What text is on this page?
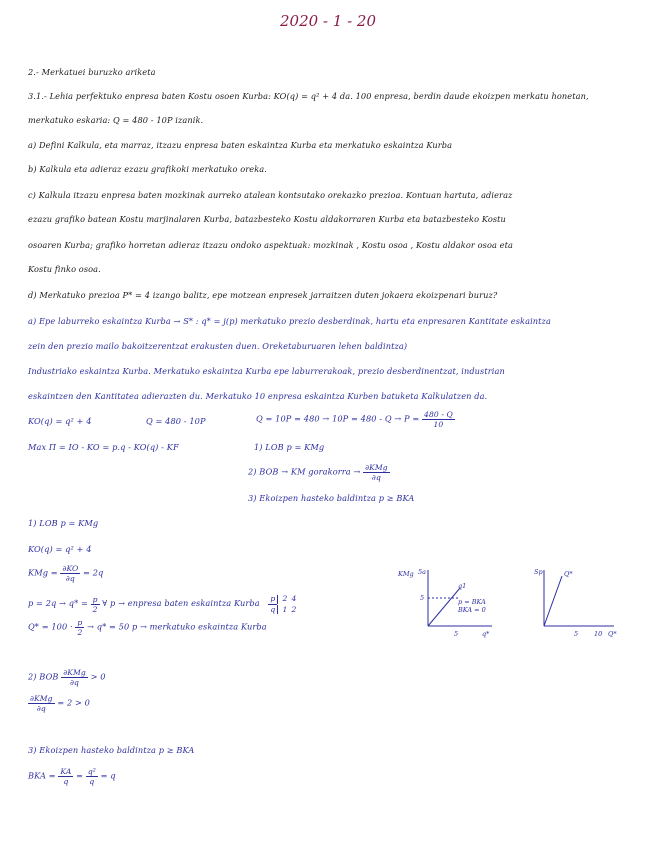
2020 - 1 - 20
2.- Merkatuei buruzko ariketa
3.1.- Lehia perfektuko enpresa baten Kostu osoen Kurba: KO(q) = q² + 4 da. 100 enpresa, berdin daude ekoizpen merkatu honetan,
merkatuko eskaria: Q = 480 - 10P izanik.
a) Defini Kalkula, eta marraz, itzazu enpresa baten eskaintza Kurba eta merkatuko eskaintza Kurba
b) Kalkula eta adieraz ezazu grafikoki merkatuko oreka.
c) Kalkula itzazu enpresa baten mozkinak aurreko atalean kontsutako orekazko prezioa. Kontuan hartuta, adieraz
ezazu grafiko batean Kostu marjinalaren Kurba, batazbesteko Kostu aldakorraren Kurba eta batazbesteko Kostu
osoaren Kurba; grafiko horretan adieraz itzazu ondoko aspektuak: mozkinak , Kostu osoa , Kostu aldakor osoa eta
Kostu finko osoa.
d) Merkatuko prezioa P* = 4 izango balitz, epe motzean enpresek jarraitzen duten jokaera ekoizpenari buruz?
a) Epe laburreko eskaintza Kurba → S* : q* = j(p) merkatuko prezio desberdinak, hartu eta enpresaren Kantitate eskaintza
zein den prezio mailo bakoitzerentzat erakusten duen. Oreketaburuaren lehen baldintza)
Industriako eskaintza Kurba. Merkatuko eskaintza Kurba epe laburrerakoak, prezio desberdinentzat, industrian
eskaintzen den Kantitatea adierazten du. Merkatuko 10 enpresa eskaintza Kurben batuketa Kalkulatzen da.
KO(q) = q² + 4	Q = 480 - 10P	$Q = 10P = 480 \to 10P = 480 - Q \to P = \frac{480 - Q}{10}$
Max Π = IO - KO = p.q - KO(q) - KF	1) LOB p = KMg
2) BOB → KM gorakorra → $\frac{\text{∂KMg}}{\partial q}$
3) Ekoizpen hasteko baldintza p ≥ BKA
1) LOB p = KMg
KO(q) = q² + 4
KMg = $\frac{\partial KO}{\partial q} = 2q$
$p = 2q \to q* = \frac{p}{2}$ ∀ p → enpresa baten eskaintza Kurba $\frac{p 2 4}{q 1 2}$
$Q* = 100 \cdot \frac{p}{2} \to q* = 50$ p → merkatuko eskaintza Kurba
2) BOB $\frac{\text{∂KMg}}{\partial q} > 0$
$\frac{\text{∂KMg}}{\partial q} = 2 > 0$
3) Ekoizpen hasteko baldintza p ≥ BKA
BKA = $\frac{KA}{q} = \frac{\text{q²}}{q} = q$
KMg 5a
5
q1
p = BKA
BKA = 0
5	q*
Sp	Q*
5 10 Q*
